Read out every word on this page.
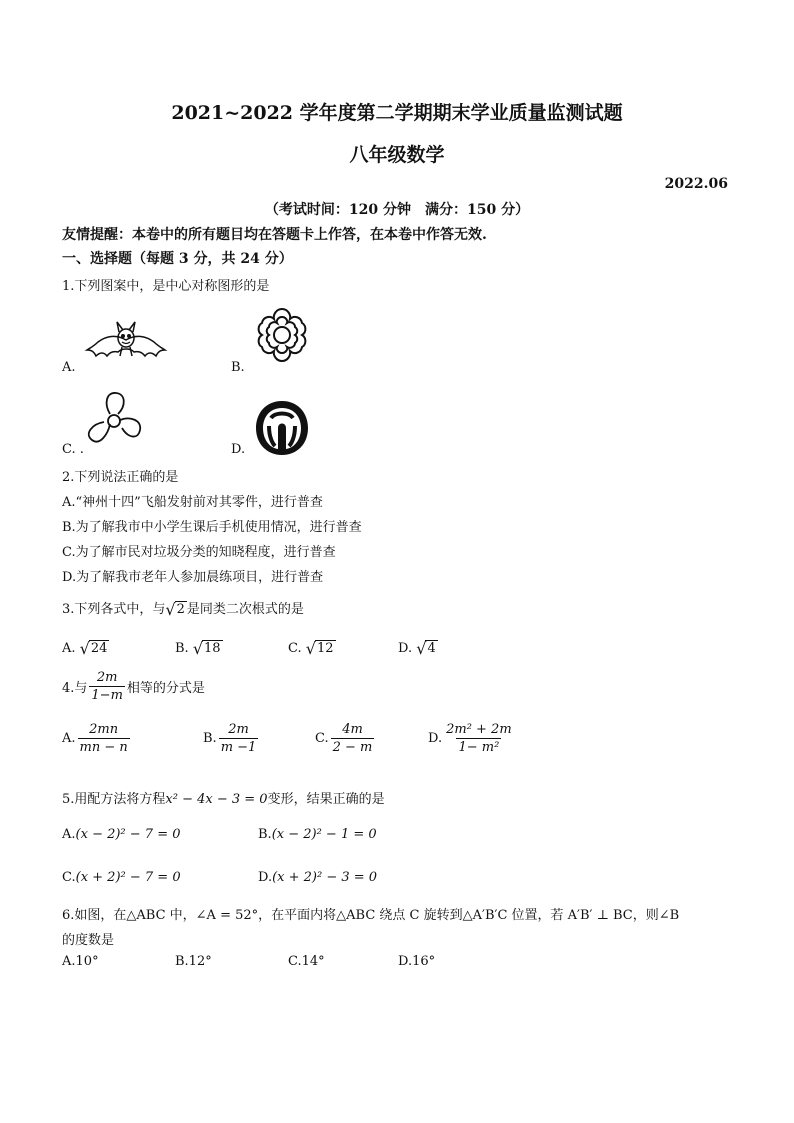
2021~2022 学年度第二学期期末学业质量监测试题
八年级数学
2022.06
（考试时间：120 分钟　满分：150 分）
友情提醒：本卷中的所有题目均在答题卡上作答，在本卷中作答无效.
一、选择题（每题 3 分，共 24 分）
1.下列图案中，是中心对称图形的是
A.	B.
C. .	D.
2.下列说法正确的是
A.“神州十四”飞船发射前对其零件，进行普查
B.为了解我市中小学生课后手机使用情况，进行普查
C.为了解市民对垃圾分类的知晓程度，进行普查
D.为了解我市老年人参加晨练项目，进行普查
3.下列各式中，与 √ 2 是同类二次根式的是
A. √ 24	B. √ 18	C. √ 12	D. √ 4
4.与 $\frac{2m}{1-m}$ 相等的分式是
A. $\frac{2mn}{mn - n}$	B. $\frac{2m}{m -1}$	C. $\frac{4m}{2 - m}$	D. $\frac{\text{2m² + 2m}}{\text{1− m²}}$
5.用配方法将方程x² − 4x − 3 = 0变形，结果正确的是
A.(x − 2)² − 7 = 0	B.(x − 2)² − 1 = 0
C.(x + 2)² − 7 = 0	D.(x + 2)² − 3 = 0
6.如图，在△ABC 中，∠A = 52°，在平面内将△ABC 绕点 C 旋转到△A′B′C 位置，若 A′B′ ⊥ BC，则∠B
的度数是
A.10°	B.12°	C.14°	D.16°
